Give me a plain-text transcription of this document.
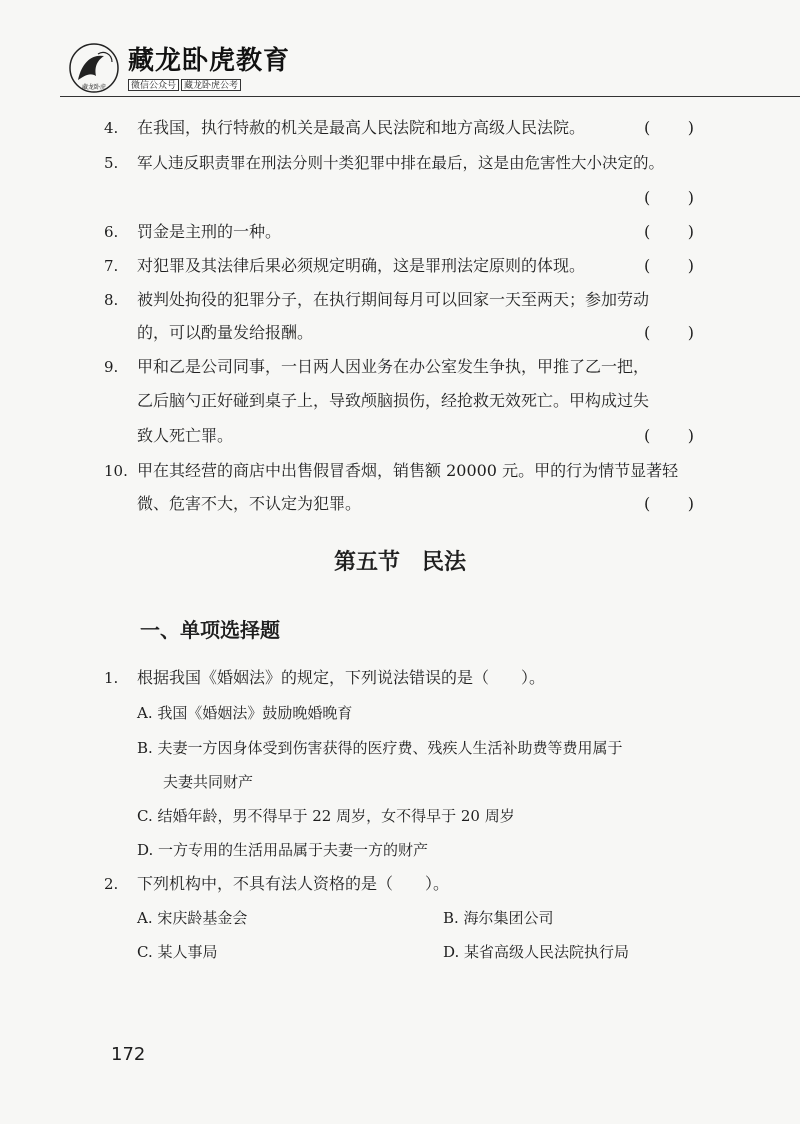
藏龙卧虎
藏龙卧虎教育
微信公众号 藏龙卧虎公考
4. 在我国，执行特赦的机关是最高人民法院和地方高级人民法院。	( )
5. 军人违反职责罪在刑法分则十类犯罪中排在最后，这是由危害性大小决定的。
( )
6. 罚金是主刑的一种。	( )
7. 对犯罪及其法律后果必须规定明确，这是罪刑法定原则的体现。	( )
8. 被判处拘役的犯罪分子，在执行期间每月可以回家一天至两天；参加劳动
的，可以酌量发给报酬。	( )
9. 甲和乙是公司同事，一日两人因业务在办公室发生争执，甲推了乙一把，
乙后脑勺正好碰到桌子上，导致颅脑损伤，经抢救无效死亡。甲构成过失
致人死亡罪。	( )
10. 甲在其经营的商店中出售假冒香烟，销售额 20000 元。甲的行为情节显著轻
微、危害不大，不认定为犯罪。	( )
第五节　民法
一、单项选择题
1. 根据我国《婚姻法》的规定，下列说法错误的是（　　）。
A. 我国《婚姻法》鼓励晚婚晚育
B. 夫妻一方因身体受到伤害获得的医疗费、残疾人生活补助费等费用属于
夫妻共同财产
C. 结婚年龄，男不得早于 22 周岁，女不得早于 20 周岁
D. 一方专用的生活用品属于夫妻一方的财产
2. 下列机构中，不具有法人资格的是（　　）。
A. 宋庆龄基金会	B. 海尔集团公司
C. 某人事局	D. 某省高级人民法院执行局
172
